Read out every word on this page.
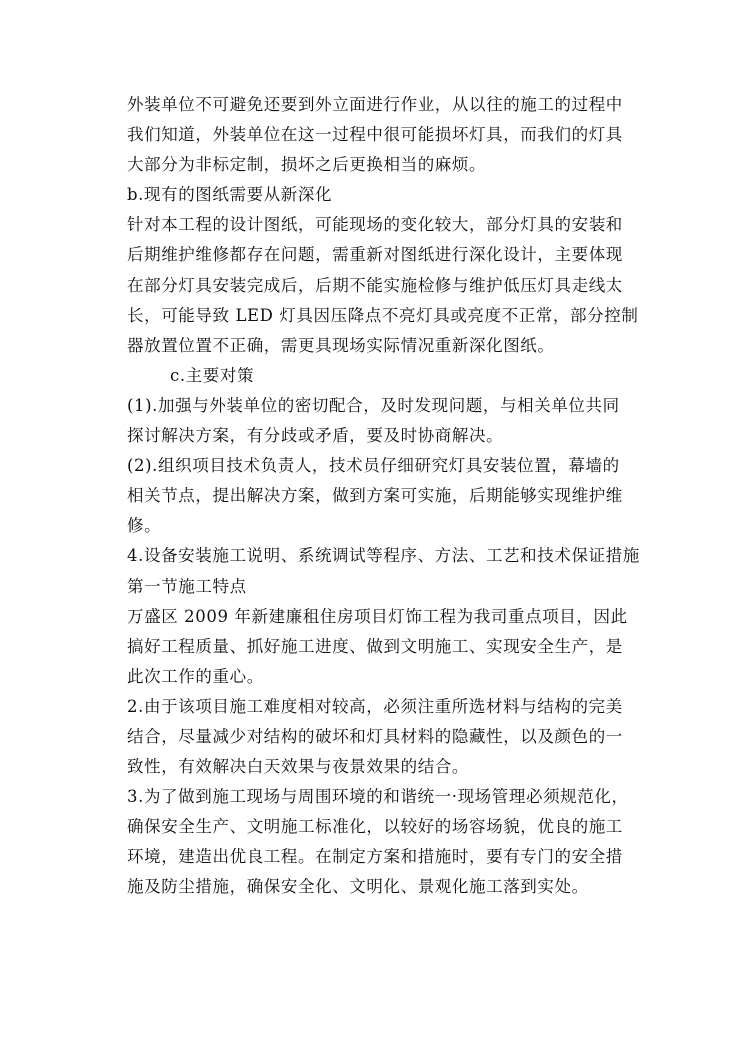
外装单位不可避免还要到外立面进行作业，从以往的施工的过程中
我们知道，外装单位在这一过程中很可能损坏灯具，而我们的灯具
大部分为非标定制，损坏之后更换相当的麻烦。
b.现有的图纸需要从新深化
针对本工程的设计图纸，可能现场的变化较大，部分灯具的安装和
后期维护维修都存在问题，需重新对图纸进行深化设计，主要体现
在部分灯具安装完成后，后期不能实施检修与维护低压灯具走线太
长，可能导致 LED 灯具因压降点不亮灯具或亮度不正常，部分控制
器放置位置不正确，需更具现场实际情况重新深化图纸。
c.主要对策
(1).加强与外装单位的密切配合，及时发现问题，与相关单位共同
探讨解决方案，有分歧或矛盾，要及时协商解决。
(2).组织项目技术负责人，技术员仔细研究灯具安装位置，幕墙的
相关节点，提出解决方案，做到方案可实施，后期能够实现维护维
修。
4.设备安装施工说明、系统调试等程序、方法、工艺和技术保证措施
第一节施工特点
万盛区 2009 年新建廉租住房项目灯饰工程为我司重点项目，因此
搞好工程质量、抓好施工进度、做到文明施工、实现安全生产，是
此次工作的重心。
2.由于该项目施工难度相对较高，必须注重所选材料与结构的完美
结合，尽量减少对结构的破坏和灯具材料的隐藏性，以及颜色的一
致性，有效解决白天效果与夜景效果的结合。
3.为了做到施工现场与周围环境的和谐统一·现场管理必须规范化，
确保安全生产、文明施工标准化，以较好的场容场貌，优良的施工
环境，建造出优良工程。在制定方案和措施时，要有专门的安全措
施及防尘措施，确保安全化、文明化、景观化施工落到实处。
